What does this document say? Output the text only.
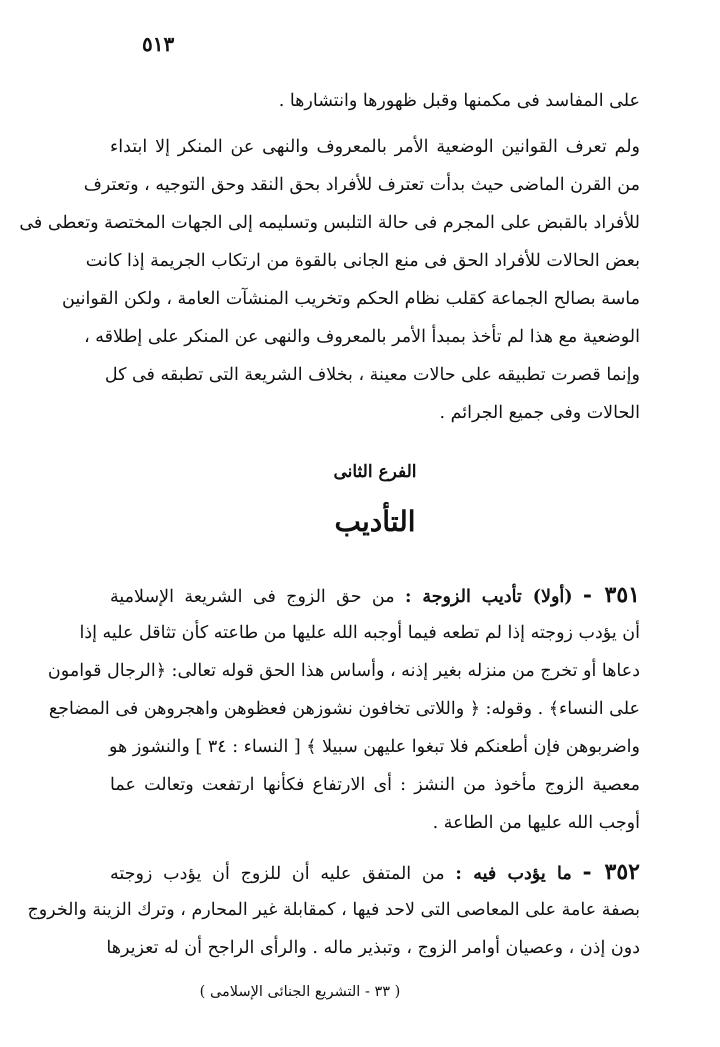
٥١٣
على المفاسد فى مكمنها وقبل ظهورها وانتشارها .
ولم تعرف القوانين الوضعية الأمر بالمعروف والنهى عن المنكر إلا ابتداء
من القرن الماضى حيث بدأت تعترف للأفراد بحق النقد وحق التوجيه ، وتعترف
للأفراد بالقبض على المجرم فى حالة التلبس وتسليمه إلى الجهات المختصة وتعطى فى
بعض الحالات للأفراد الحق فى منع الجانى بالقوة من ارتكاب الجريمة إذا كانت
ماسة بصالح الجماعة كقلب نظام الحكم وتخريب المنشآت العامة ، ولكن القوانين
الوضعية مع هذا لم تأخذ بمبدأ الأمر بالمعروف والنهى عن المنكر على إطلاقه ،
وإنما قصرت تطبيقه على حالات معينة ، بخلاف الشريعة التى تطبقه فى كل
الحالات وفى جميع الجرائم .
الفرع الثانى
التأديب
٣٥١ - (أولا) تأديب الزوجة : من حق الزوج فى الشريعة الإسلامية
أن يؤدب زوجته إذا لم تطعه فيما أوجبه الله عليها من طاعته كأن تثاقل عليه إذا
دعاها أو تخرج من منزله بغير إذنه ، وأساس هذا الحق قوله تعالى: ﴿الرجال قوامون
على النساء﴾ . وقوله: ﴿ واللاتى تخافون نشوزهن فعظوهن واهجروهن فى المضاجع
واضربوهن فإن أطعنكم فلا تبغوا عليهن سبيلا ﴾ [ النساء : ٣٤ ] والنشوز هو
معصية الزوج مأخوذ من النشز : أى الارتفاع فكأنها ارتفعت وتعالت عما
أوجب الله عليها من الطاعة .
٣٥٢ - ما يؤدب فيه : من المتفق عليه أن للزوج أن يؤدب زوجته
بصفة عامة على المعاصى التى لاحد فيها ، كمقابلة غير المحارم ، وترك الزينة والخروج
دون إذن ، وعصيان أوامر الزوج ، وتبذير ماله . والرأى الراجح أن له تعزيرها
( ٣٣ - التشريع الجنائى الإسلامى )
